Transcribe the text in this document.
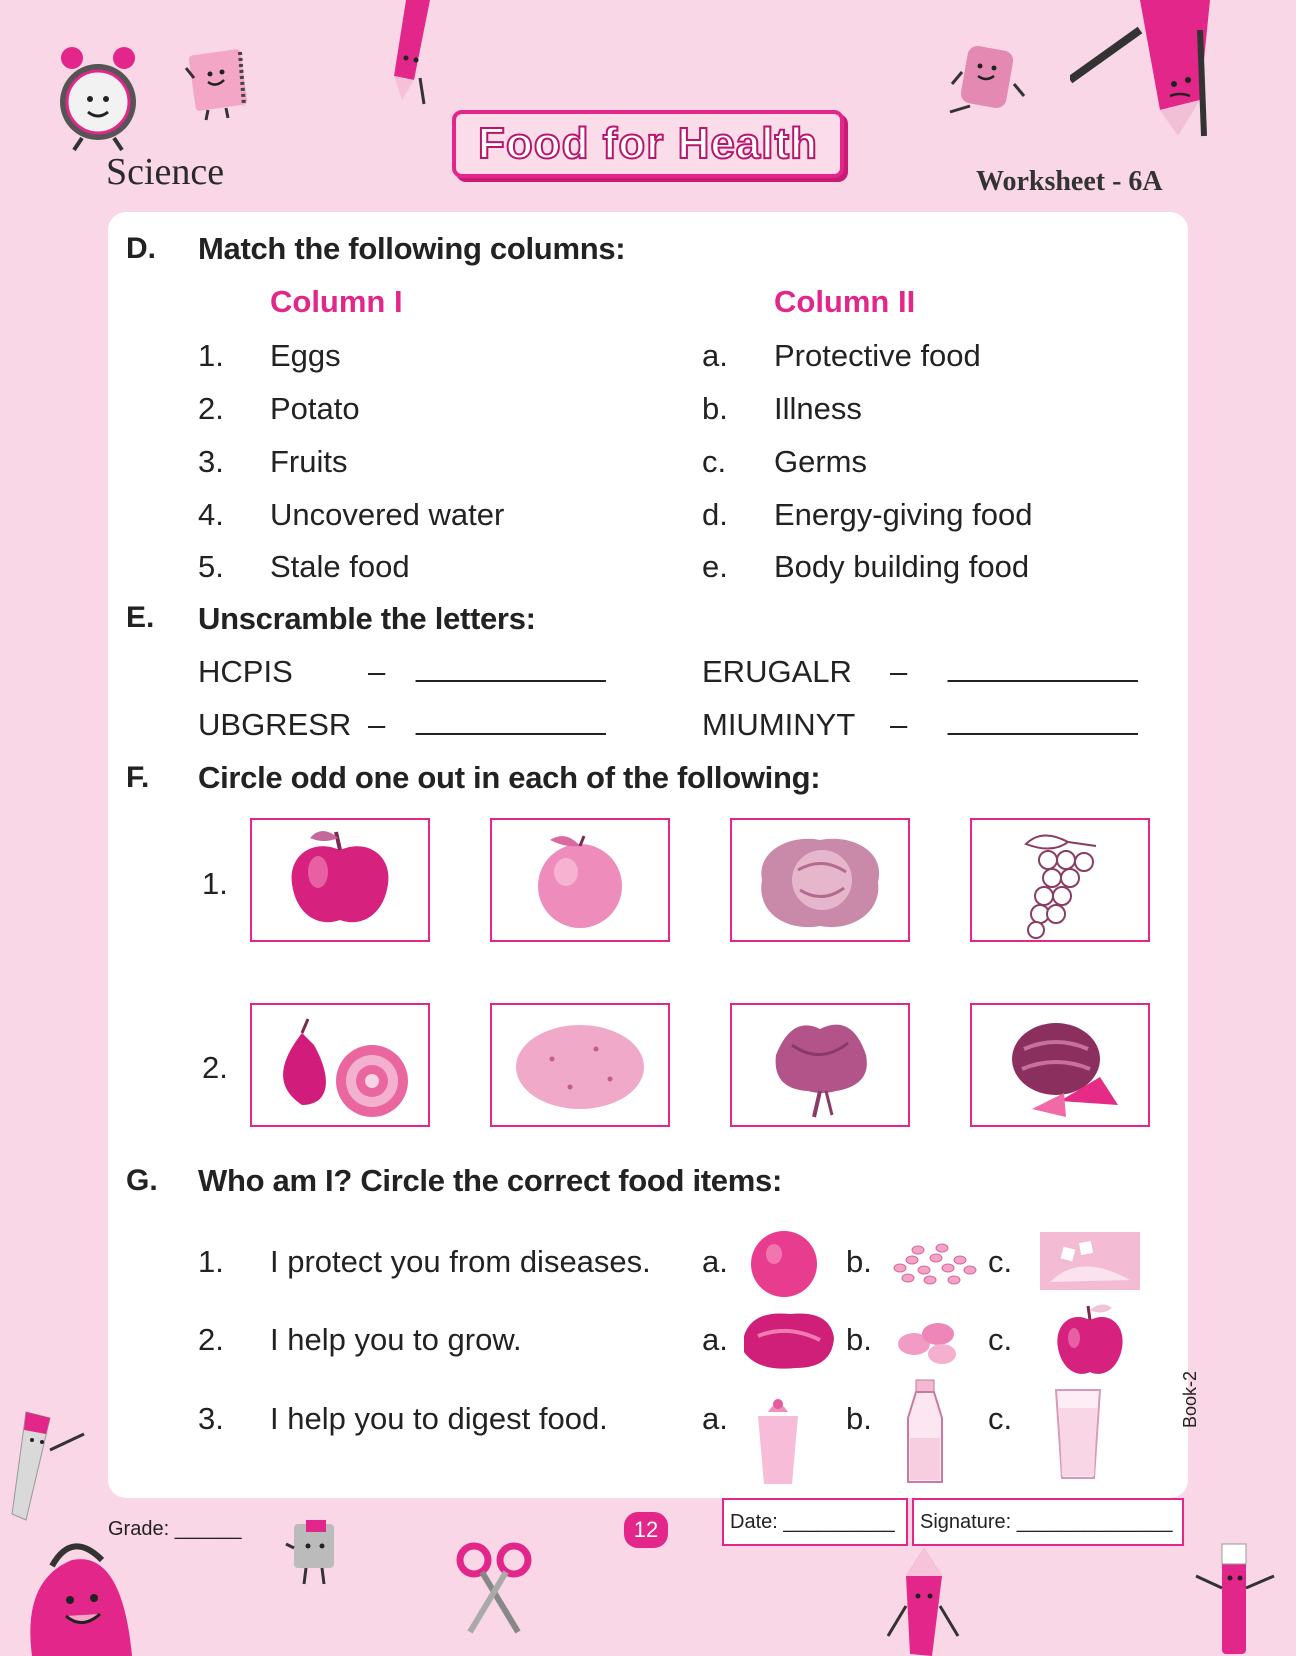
Science
Food for Health
Worksheet - 6A
D. Match the following columns:
Column I	Column II
1. Eggs	a. Protective food
2. Potato	b. Illness
3. Fruits	c. Germs
4. Uncovered water	d. Energy-giving food
5. Stale food	e. Body building food
E. Unscramble the letters:
HCPIS – ___________	ERUGALR – ___________
UBGRESR – ___________	MIUMINYT – ___________
F. Circle odd one out in each of the following:
1.
2.
G. Who am I? Circle the correct food items:
1. I protect you from diseases. a.	b.	c.
2. I help you to grow.	a.	b.	c.
3. I help you to digest food.	a.	b.	c.
Grade: ______	12	Date: __________ Signature: ______________
Book-2
